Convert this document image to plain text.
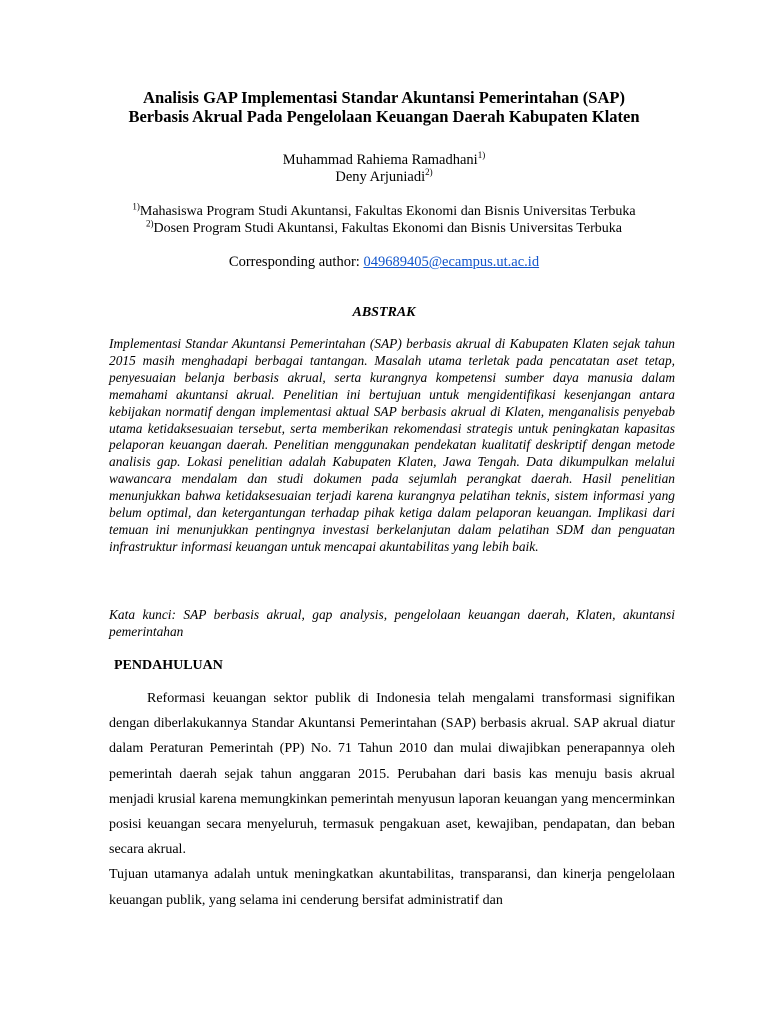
Analisis GAP Implementasi Standar Akuntansi Pemerintahan (SAP)
Berbasis Akrual Pada Pengelolaan Keuangan Daerah Kabupaten Klaten
Muhammad Rahiema Ramadhani$^{1)}$
Deny Arjuniadi$^{2)}$
$^{1)}$Mahasiswa Program Studi Akuntansi, Fakultas Ekonomi dan Bisnis Universitas Terbuka
$^{2)}$Dosen Program Studi Akuntansi, Fakultas Ekonomi dan Bisnis Universitas Terbuka
Corresponding author: 049689405@ecampus.ut.ac.id
ABSTRAK
Implementasi Standar Akuntansi Pemerintahan (SAP) berbasis akrual di Kabupaten Klaten sejak tahun 2015 masih menghadapi berbagai tantangan. Masalah utama terletak pada pencatatan aset tetap, penyesuaian belanja berbasis akrual, serta kurangnya kompetensi sumber daya manusia dalam memahami akuntansi akrual. Penelitian ini bertujuan untuk mengidentifikasi kesenjangan antara kebijakan normatif dengan implementasi aktual SAP berbasis akrual di Klaten, menganalisis penyebab utama ketidaksesuaian tersebut, serta memberikan rekomendasi strategis untuk peningkatan kapasitas pelaporan keuangan daerah. Penelitian menggunakan pendekatan kualitatif deskriptif dengan metode analisis gap. Lokasi penelitian adalah Kabupaten Klaten, Jawa Tengah. Data dikumpulkan melalui wawancara mendalam dan studi dokumen pada sejumlah perangkat daerah. Hasil penelitian menunjukkan bahwa ketidaksesuaian terjadi karena kurangnya pelatihan teknis, sistem informasi yang belum optimal, dan ketergantungan terhadap pihak ketiga dalam pelaporan keuangan. Implikasi dari temuan ini menunjukkan pentingnya investasi berkelanjutan dalam pelatihan SDM dan penguatan infrastruktur informasi keuangan untuk mencapai akuntabilitas yang lebih baik.
Kata kunci: SAP berbasis akrual, gap analysis, pengelolaan keuangan daerah, Klaten, akuntansi pemerintahan
PENDAHULUAN

Reformasi keuangan sektor publik di Indonesia telah mengalami transformasi signifikan dengan diberlakukannya Standar Akuntansi Pemerintahan (SAP) berbasis akrual. SAP akrual diatur dalam Peraturan Pemerintah (PP) No. 71 Tahun 2010 dan mulai diwajibkan penerapannya oleh pemerintah daerah sejak tahun anggaran 2015. Perubahan dari basis kas menuju basis akrual menjadi krusial karena memungkinkan pemerintah menyusun laporan keuangan yang mencerminkan posisi keuangan secara menyeluruh, termasuk pengakuan aset, kewajiban, pendapatan, dan beban secara akrual.

Tujuan utamanya adalah untuk meningkatkan akuntabilitas, transparansi, dan kinerja pengelolaan keuangan publik, yang selama ini cenderung bersifat administratif dan
